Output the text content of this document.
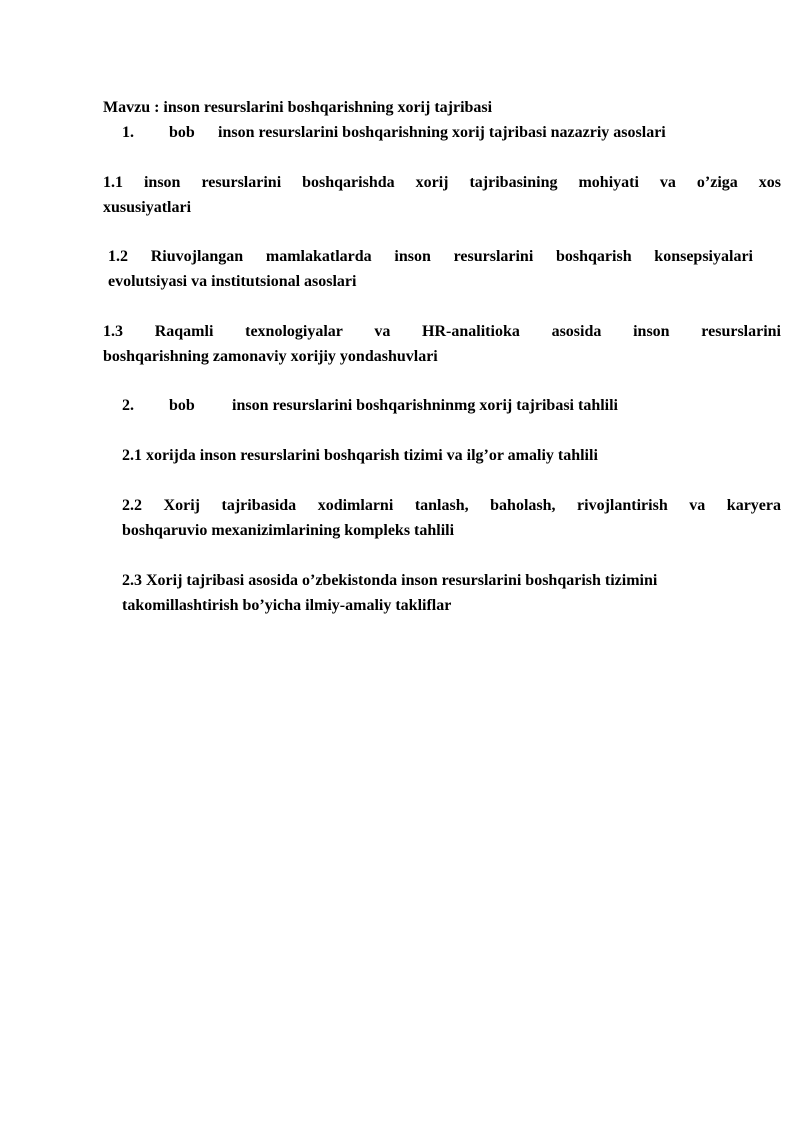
Mavzu : inson resurslarini boshqarishning xorij tajribasi
1. bob inson resurslarini boshqarishning xorij tajribasi nazazriy asoslari
1.1 inson resurslarini boshqarishda xorij tajribasining mohiyati va o’ziga xos
xususiyatlari
1.2 Riuvojlangan mamlakatlarda inson resurslarini boshqarish konsepsiyalari
evolutsiyasi va institutsional asoslari
1.3 Raqamli texnologiyalar va HR-analitioka asosida inson resurslarini
boshqarishning zamonaviy xorijiy yondashuvlari
2. bob inson resurslarini boshqarishninmg xorij tajribasi tahlili
2.1 xorijda inson resurslarini boshqarish tizimi va ilg’or amaliy tahlili
2.2 Xorij tajribasida xodimlarni tanlash, baholash, rivojlantirish va karyera
boshqaruvio mexanizimlarining kompleks tahlili
2.3 Xorij tajribasi asosida o’zbekistonda inson resurslarini boshqarish tizimini
takomillashtirish bo’yicha ilmiy-amaliy takliflar
